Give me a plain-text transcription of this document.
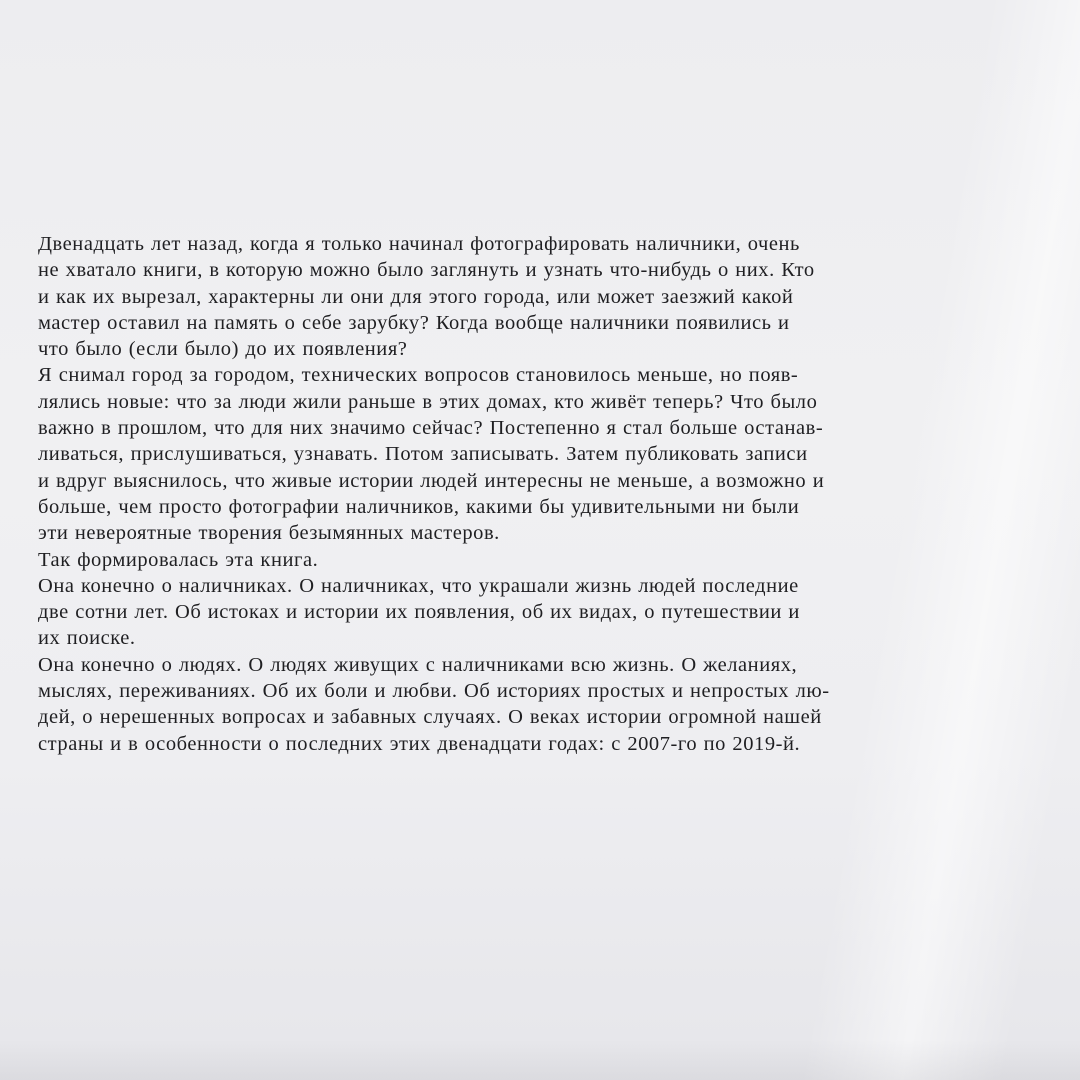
Двенадцать лет назад, когда я только начинал фотографировать наличники, очень
не хватало книги, в которую можно было заглянуть и узнать что-нибудь о них. Кто
и как их вырезал, характерны ли они для этого города, или может заезжий какой
мастер оставил на память о себе зарубку? Когда вообще наличники появились и
что было (если было) до их появления?
Я снимал город за городом, технических вопросов становилось меньше, но появ-
лялись новые: что за люди жили раньше в этих домах, кто живёт теперь? Что было
важно в прошлом, что для них значимо сейчас? Постепенно я стал больше останав-
ливаться, прислушиваться, узнавать. Потом записывать. Затем публиковать записи
и вдруг выяснилось, что живые истории людей интересны не меньше, а возможно и
больше, чем просто фотографии наличников, какими бы удивительными ни были
эти невероятные творения безымянных мастеров.
Так формировалась эта книга.
Она конечно о наличниках. О наличниках, что украшали жизнь людей последние
две сотни лет. Об истоках и истории их появления, об их видах, о путешествии и
их поиске.
Она конечно о людях. О людях живущих с наличниками всю жизнь. О желаниях,
мыслях, переживаниях. Об их боли и любви. Об историях простых и непростых лю-
дей, о нерешенных вопросах и забавных случаях. О веках истории огромной нашей
страны и в особенности о последних этих двенадцати годах: с 2007-го по 2019-й.
